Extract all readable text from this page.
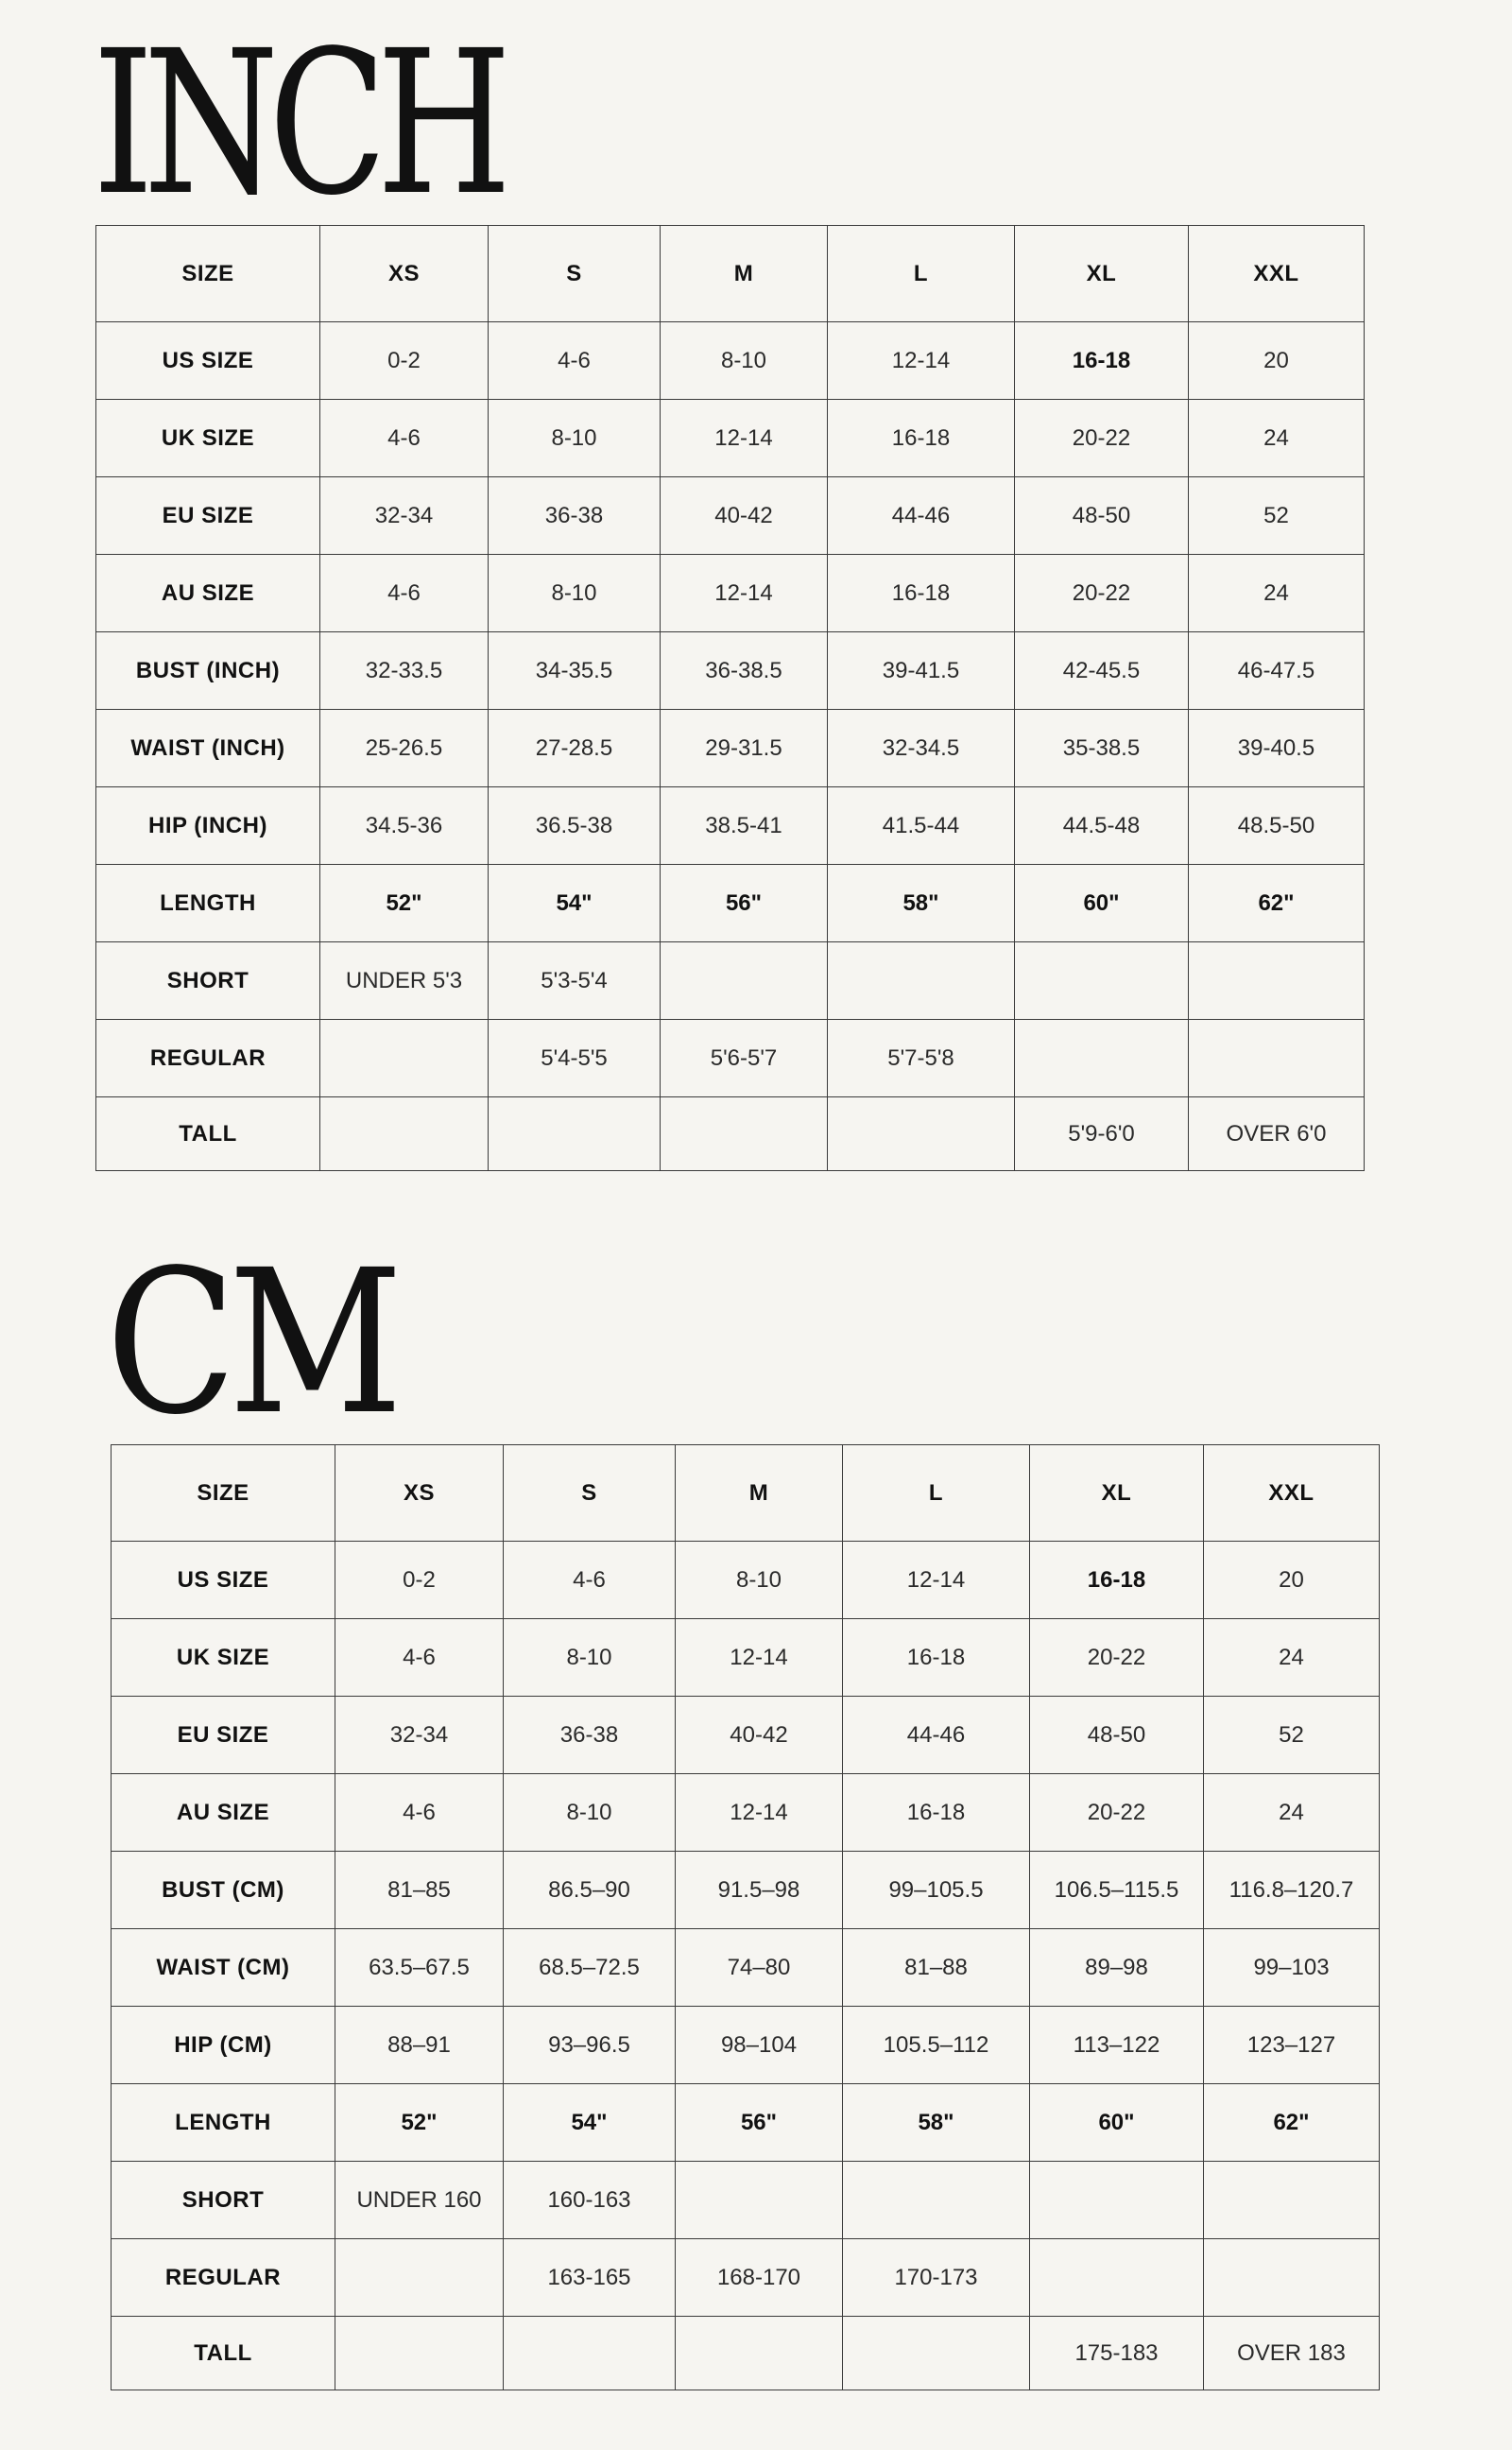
INCH
SIZE	XS	S	M	L	XL	XXL
US SIZE	0-2	4-6	8-10	12-14	16-18	20
UK SIZE	4-6	8-10	12-14	16-18	20-22	24
EU SIZE	32-34	36-38	40-42	44-46	48-50	52
AU SIZE	4-6	8-10	12-14	16-18	20-22	24
BUST (INCH)	32-33.5	34-35.5	36-38.5	39-41.5	42-45.5	46-47.5
WAIST (INCH)	25-26.5	27-28.5	29-31.5	32-34.5	35-38.5	39-40.5
HIP (INCH)	34.5-36	36.5-38	38.5-41	41.5-44	44.5-48	48.5-50
LENGTH	52"	54"	56"	58"	60"	62"
SHORT	UNDER 5'3	5'3-5'4				
REGULAR		5'4-5'5	5'6-5'7	5'7-5'8		
TALL					5'9-6'0	OVER 6'0
CM
SIZE	XS	S	M	L	XL	XXL
US SIZE	0-2	4-6	8-10	12-14	16-18	20
UK SIZE	4-6	8-10	12-14	16-18	20-22	24
EU SIZE	32-34	36-38	40-42	44-46	48-50	52
AU SIZE	4-6	8-10	12-14	16-18	20-22	24
BUST (CM)	81–85	86.5–90	91.5–98	99–105.5	106.5–115.5	116.8–120.7
WAIST (CM)	63.5–67.5	68.5–72.5	74–80	81–88	89–98	99–103
HIP (CM)	88–91	93–96.5	98–104	105.5–112	113–122	123–127
LENGTH	52"	54"	56"	58"	60"	62"
SHORT	UNDER 160	160-163				
REGULAR		163-165	168-170	170-173		
TALL					175-183	OVER 183
